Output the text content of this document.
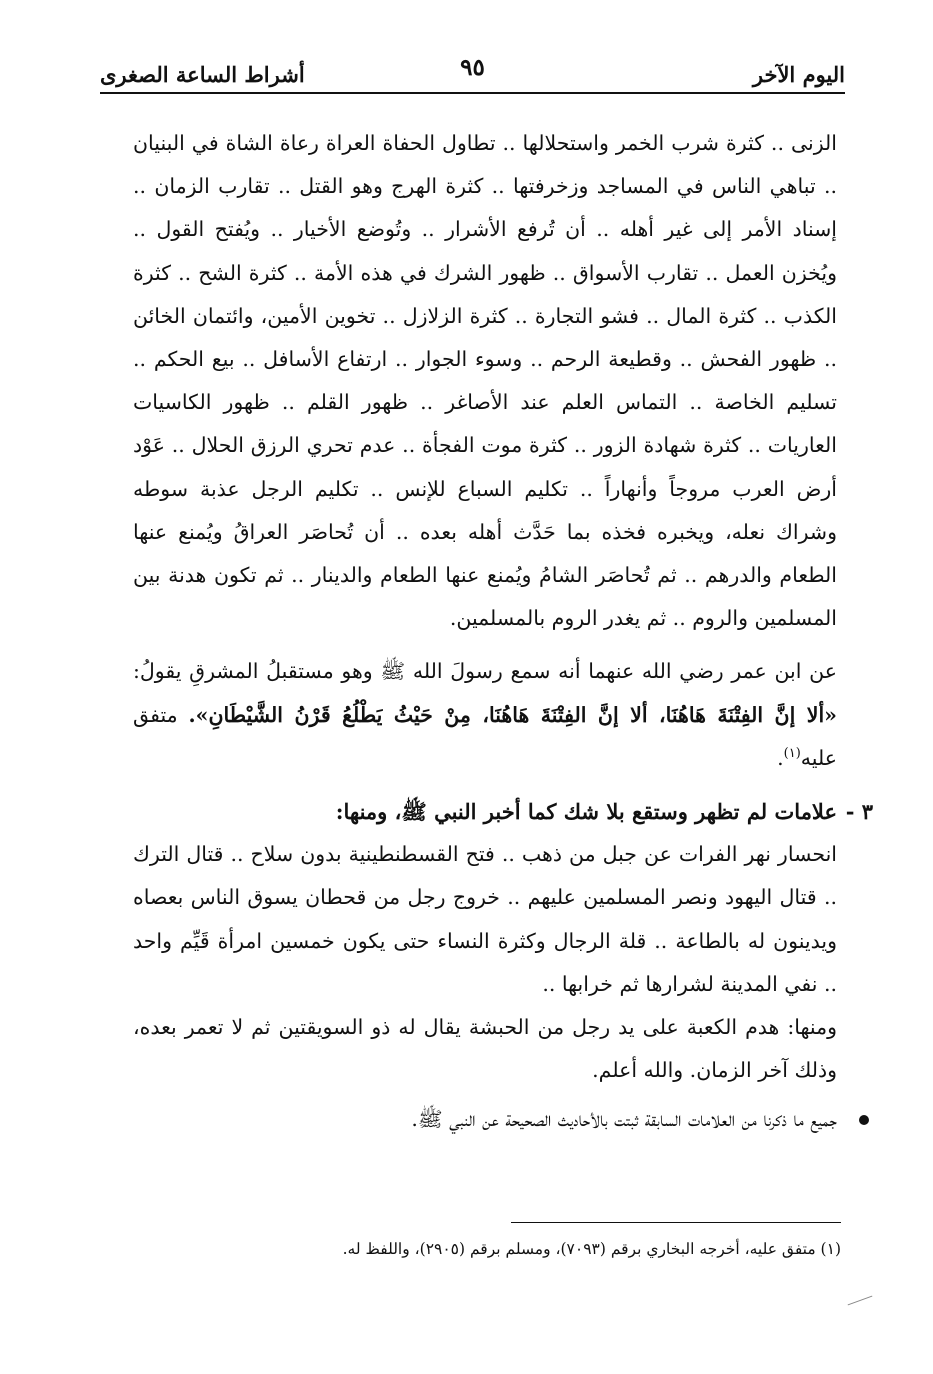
اليوم الآخر
٩٥
أشراط الساعة الصغرى

الزنى .. كثرة شرب الخمر واستحلالها .. تطاول الحفاة العراة رعاة الشاة في البنيان .. تباهي الناس في المساجد وزخرفتها .. كثرة الهرج وهو القتل .. تقارب الزمان .. إسناد الأمر إلى غير أهله .. أن تُرفع الأشرار .. وتُوضع الأخيار .. ويُفتح القول .. ويُخزن العمل .. تقارب الأسواق .. ظهور الشرك في هذه الأمة .. كثرة الشح .. كثرة الكذب .. كثرة المال .. فشو التجارة .. كثرة الزلازل .. تخوين الأمين، وائتمان الخائن .. ظهور الفحش .. وقطيعة الرحم .. وسوء الجوار .. ارتفاع الأسافل .. بيع الحكم .. تسليم الخاصة .. التماس العلم عند الأصاغر .. ظهور القلم .. ظهور الكاسيات العاريات .. كثرة شهادة الزور .. كثرة موت الفجأة .. عدم تحري الرزق الحلال .. عَوْد أرض العرب مروجاً وأنهاراً .. تكليم السباع للإنس .. تكليم الرجل عذبة سوطه وشراك نعله، ويخبره فخذه بما حَدَّث أهله بعده .. أن تُحاصَر العراقُ ويُمنع عنها الطعام والدرهم .. ثم تُحاصَر الشامُ ويُمنع عنها الطعام والدينار .. ثم تكون هدنة بين المسلمين والروم .. ثم يغدر الروم بالمسلمين.

عن ابن عمر رضي الله عنهما أنه سمع رسولَ الله ﷺ وهو مستقبلُ المشرقِ يقولُ: «ألا إنَّ الفِتْنَةَ هَاهُنَا، ألا إنَّ الفِتْنَةَ هَاهُنَا، مِنْ حَيْثُ يَطْلُعُ قَرْنُ الشَّيْطَانِ». متفق عليه$^{(١)}$.

٣ -
علامات لم تظهر وستقع بلا شك كما أخبر النبي ﷺ، ومنها:

انحسار نهر الفرات عن جبل من ذهب .. فتح القسطنطينية بدون سلاح .. قتال الترك .. قتال اليهود ونصر المسلمين عليهم .. خروج رجل من قحطان يسوق الناس بعصاه ويدينون له بالطاعة .. قلة الرجال وكثرة النساء حتى يكون خمسين امرأة قَيِّم واحد .. نفي المدينة لشرارها ثم خرابها ..

ومنها: هدم الكعبة على يد رجل من الحبشة يقال له ذو السويقتين ثم لا تعمر بعده، وذلك آخر الزمان. والله أعلم.

جميع ما ذكرنا من العلامات السابقة ثبتت بالأحاديث الصحيحة عن النبي ﷺ.
(١) متفق عليه، أخرجه البخاري برقم (٧٠٩٣)، ومسلم برقم (٢٩٠٥)، واللفظ له.
